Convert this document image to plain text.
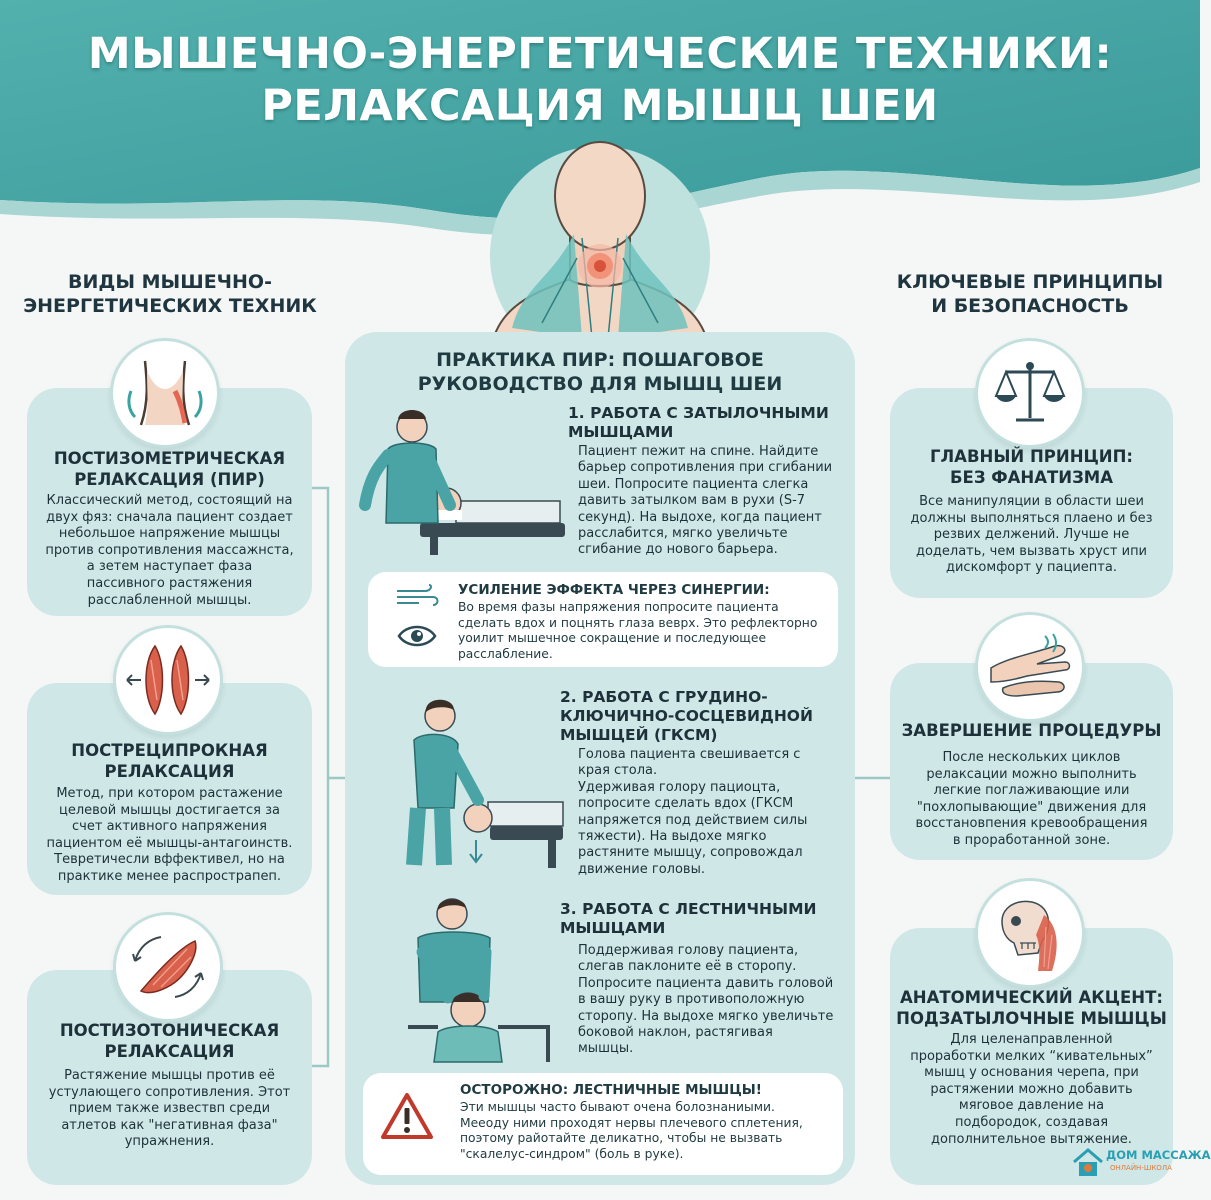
МЫШЕЧНО-ЭНЕРГЕТИЧЕСКИЕ ТЕХНИКИ:
РЕЛАКСАЦИЯ МЫШЦ ШЕИ
ВИДЫ МЫШЕЧНО-
ЭНЕРГЕТИЧЕСКИХ ТЕХНИК
ПОСТИЗОМЕТРИЧЕСКАЯ
РЕЛАКСАЦИЯ (ПИР)
Классический метод, состоящий на
двух фяз: сначала пациент создает
небольшое напряжение мышцы
против сопротивления массажнста,
а зетем наступает фаза
пассивного растяжения
расслабленной мышцы.
ПОСТРЕЦИПРОКНАЯ
РЕЛАКСАЦИЯ
Метод, при котором растажение
целевой мышцы достигается за
счет активного напряжения
пациентом её мышцы-антагоинств.
Тевретичесли вффективел, но на
практике менее распрострапеп.
ПОСТИЗОТОНИЧЕСКАЯ
РЕЛАКСАЦИЯ
Растяжение мышцы против её
устулающего сопротивления. Этот
прием также извествп среди
атлетов как "негативная фаза"
упражнения.
ПРАКТИКА ПИР: ПОШАГОВОЕ
РУКОВОДСТВО ДЛЯ МЫШЦ ШЕИ
1. РАБОТА С ЗАТЫЛОЧНЫМИ
МЫШЦАМИ
Пациент пежит на спине. Найдите
барьер сопротивления при сгибании
шеи. Попросите пациента слегка
давить затылком вам в рухи (S-7
секунд). На выдохе, когда пациент
расслабится, мягко увеличьте
сгибание до нового барьера.
УСИЛЕНИЕ ЭФФЕКТА ЧЕРЕЗ СИНЕРГИИ:
Во время фазы напряжения попросите пациента
сделать вдох и поцнять глаза веврх. Это рефлекторно
уоилит мышечное сокращение и последующее
расслабление.
2. РАБОТА С ГРУДИНО-
КЛЮЧИЧНО-СОСЦЕВИДНОЙ
МЫШЦЕЙ (ГКСМ)
Голова пациента свешивается с
края стола.
Удерживая голору пациоцта,
попросите сделать вдох (ГКСМ
напряжется под действием силы
тяжести). На выдохе мягко
растяните мышцу, сопровождал
движение головы.
3. РАБОТА С ЛЕСТНИЧНЫМИ
МЫШЦАМИ
Поддерживая голову пациента,
слегав паклоните её в сторопу.
Попросите пациента давить головой
в вашу руку в противоположную
сторопу. На выдохе мягко увеличьте
боковой наклон, растягивая
мышцы.
ОСТОРОЖНО: ЛЕСТНИЧНЫЕ МЫШЦЫ!
Эти мышцы часто бывают очена болознаниыми.
Мееоду ними проходят нервы плечевого сплетения,
поэтому райотайте деликатно, чтобы не вызвать
"скалелус-синдром" (боль в руке).
КЛЮЧЕВЫЕ ПРИНЦИПЫ
И БЕЗОПАСНОСТЬ
ГЛАВНЫЙ ПРИНЦИП:
БЕЗ ФАНАТИЗМА
Все манипуляции в области шеи
должны выполняться плаено и без
резвих делжений. Лучше не
доделать, чем вызвать хруст ипи
дискомфорт у пациепта.
ЗАВЕРШЕНИЕ ПРОЦЕДУРЫ
После нескольких циклов
релаксации можно выполнить
легкие поглаживающие или
"похлопывающие" движения для
восстановпения кревообращения
в проработанной зоне.
АНАТОМИЧЕСКИЙ АКЦЕНТ:
ПОДЗАТЫЛОЧНЫЕ МЫШЦЫ
Для целенаправленной
проработки мелких “кивательных”
мышц у основания черепа, при
растяжении можно добавить
мяrовое давление на
подбородок, создавая
дополнительное вытяжение.
ДОМ МАССАЖА
ОНЛАЙН-ШКОЛА
